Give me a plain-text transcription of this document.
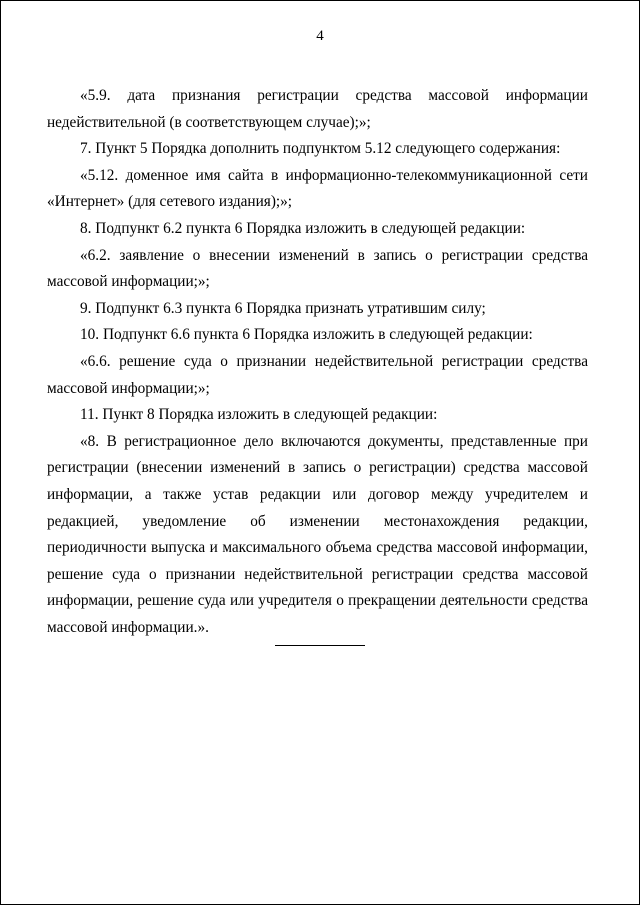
4

«5.9. дата признания регистрации средства массовой информации недействительной (в соответствующем случае);»;

7. Пункт 5 Порядка дополнить подпунктом 5.12 следующего содержания:

«5.12. доменное имя сайта в информационно-телекоммуникационной сети «Интернет» (для сетевого издания);»;

8. Подпункт 6.2 пункта 6 Порядка изложить в следующей редакции:

«6.2. заявление о внесении изменений в запись о регистрации средства массовой информации;»;

9. Подпункт 6.3 пункта 6 Порядка признать утратившим силу;

10. Подпункт 6.6 пункта 6 Порядка изложить в следующей редакции:

«6.6. решение суда о признании недействительной регистрации средства массовой информации;»;

11. Пункт 8 Порядка изложить в следующей редакции:

«8. В регистрационное дело включаются документы, представленные при регистрации (внесении изменений в запись о регистрации) средства массовой информации, а также устав редакции или договор между учредителем и редакцией, уведомление об изменении местонахождения редакции, периодичности выпуска и максимального объема средства массовой информации, решение суда о признании недействительной регистрации средства массовой информации, решение суда или учредителя о прекращении деятельности средства массовой информации.».
